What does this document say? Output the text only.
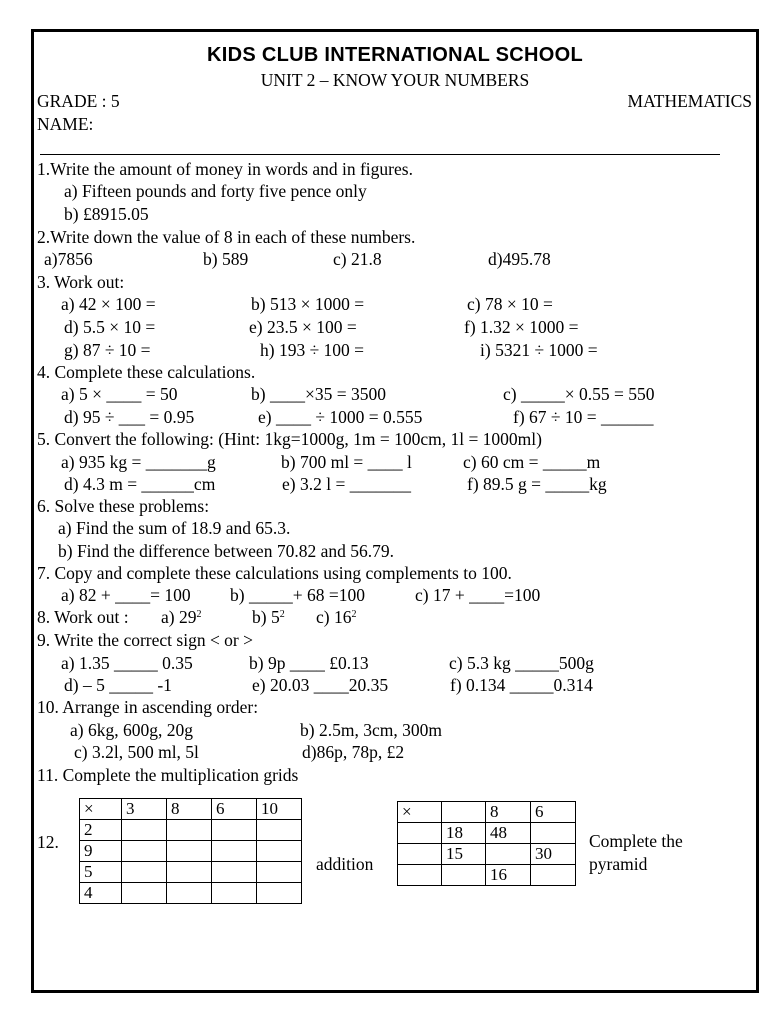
KIDS CLUB INTERNATIONAL SCHOOL
UNIT 2 – KNOW YOUR NUMBERS
GRADE : 5	MATHEMATICS
NAME:
1.Write the amount of money in words and in figures.
a) Fifteen pounds and forty five pence only
b) £8915.05
2.Write down the value of 8 in each of these numbers.
a)7856	b) 589	c) 21.8	d)495.78
3. Work out:
a) 42 × 100 =	b) 513 × 1000 =	c) 78 × 10 =
d) 5.5 × 10 =	e) 23.5 × 100 =	f) 1.32 × 1000 =
g) 87 ÷ 10 =	h) 193 ÷ 100 =	i) 5321 ÷ 1000 =
4. Complete these calculations.
a) 5 × ____ = 50	b) ____×35 = 3500	c) _____× 0.55 = 550
d) 95 ÷ ___ = 0.95	e) ____ ÷ 1000 = 0.555	f) 67 ÷ 10 = ______
5. Convert the following: (Hint: 1kg=1000g, 1m = 100cm, 1l = 1000ml)
a) 935 kg = _______g	b) 700 ml = ____ l	c) 60 cm = _____m
d) 4.3 m = ______cm	e) 3.2 l = _______	f) 89.5 g = _____kg
6. Solve these problems:
a) Find the sum of 18.9 and 65.3.
b) Find the difference between 70.82 and 56.79.
7. Copy and complete these calculations using complements to 100.
a) 82 + ____= 100 b) _____+ 68 =100	c) 17 + ____=100
8. Work out : a) $29^2$	b) $5^2$ c) $16^2$
9. Write the correct sign < or >
a) 1.35 _____ 0.35	b) 9p ____ £0.13	c) 5.3 kg _____500g
d) – 5 _____ -1	e) 20.03 ____20.35	f) 0.134 _____0.314
10. Arrange in ascending order:
a) 6kg, 600g, 20g	b) 2.5m, 3cm, 300m
c) 3.2l, 500 ml, 5l	d)86p, 78p, £2
11. Complete the multiplication grids
12.
×	3	8	6	10
2				
9				
5				
4				
addition
×		8	6
	18	48	
	15		30
		16	
Complete the
pyramid
